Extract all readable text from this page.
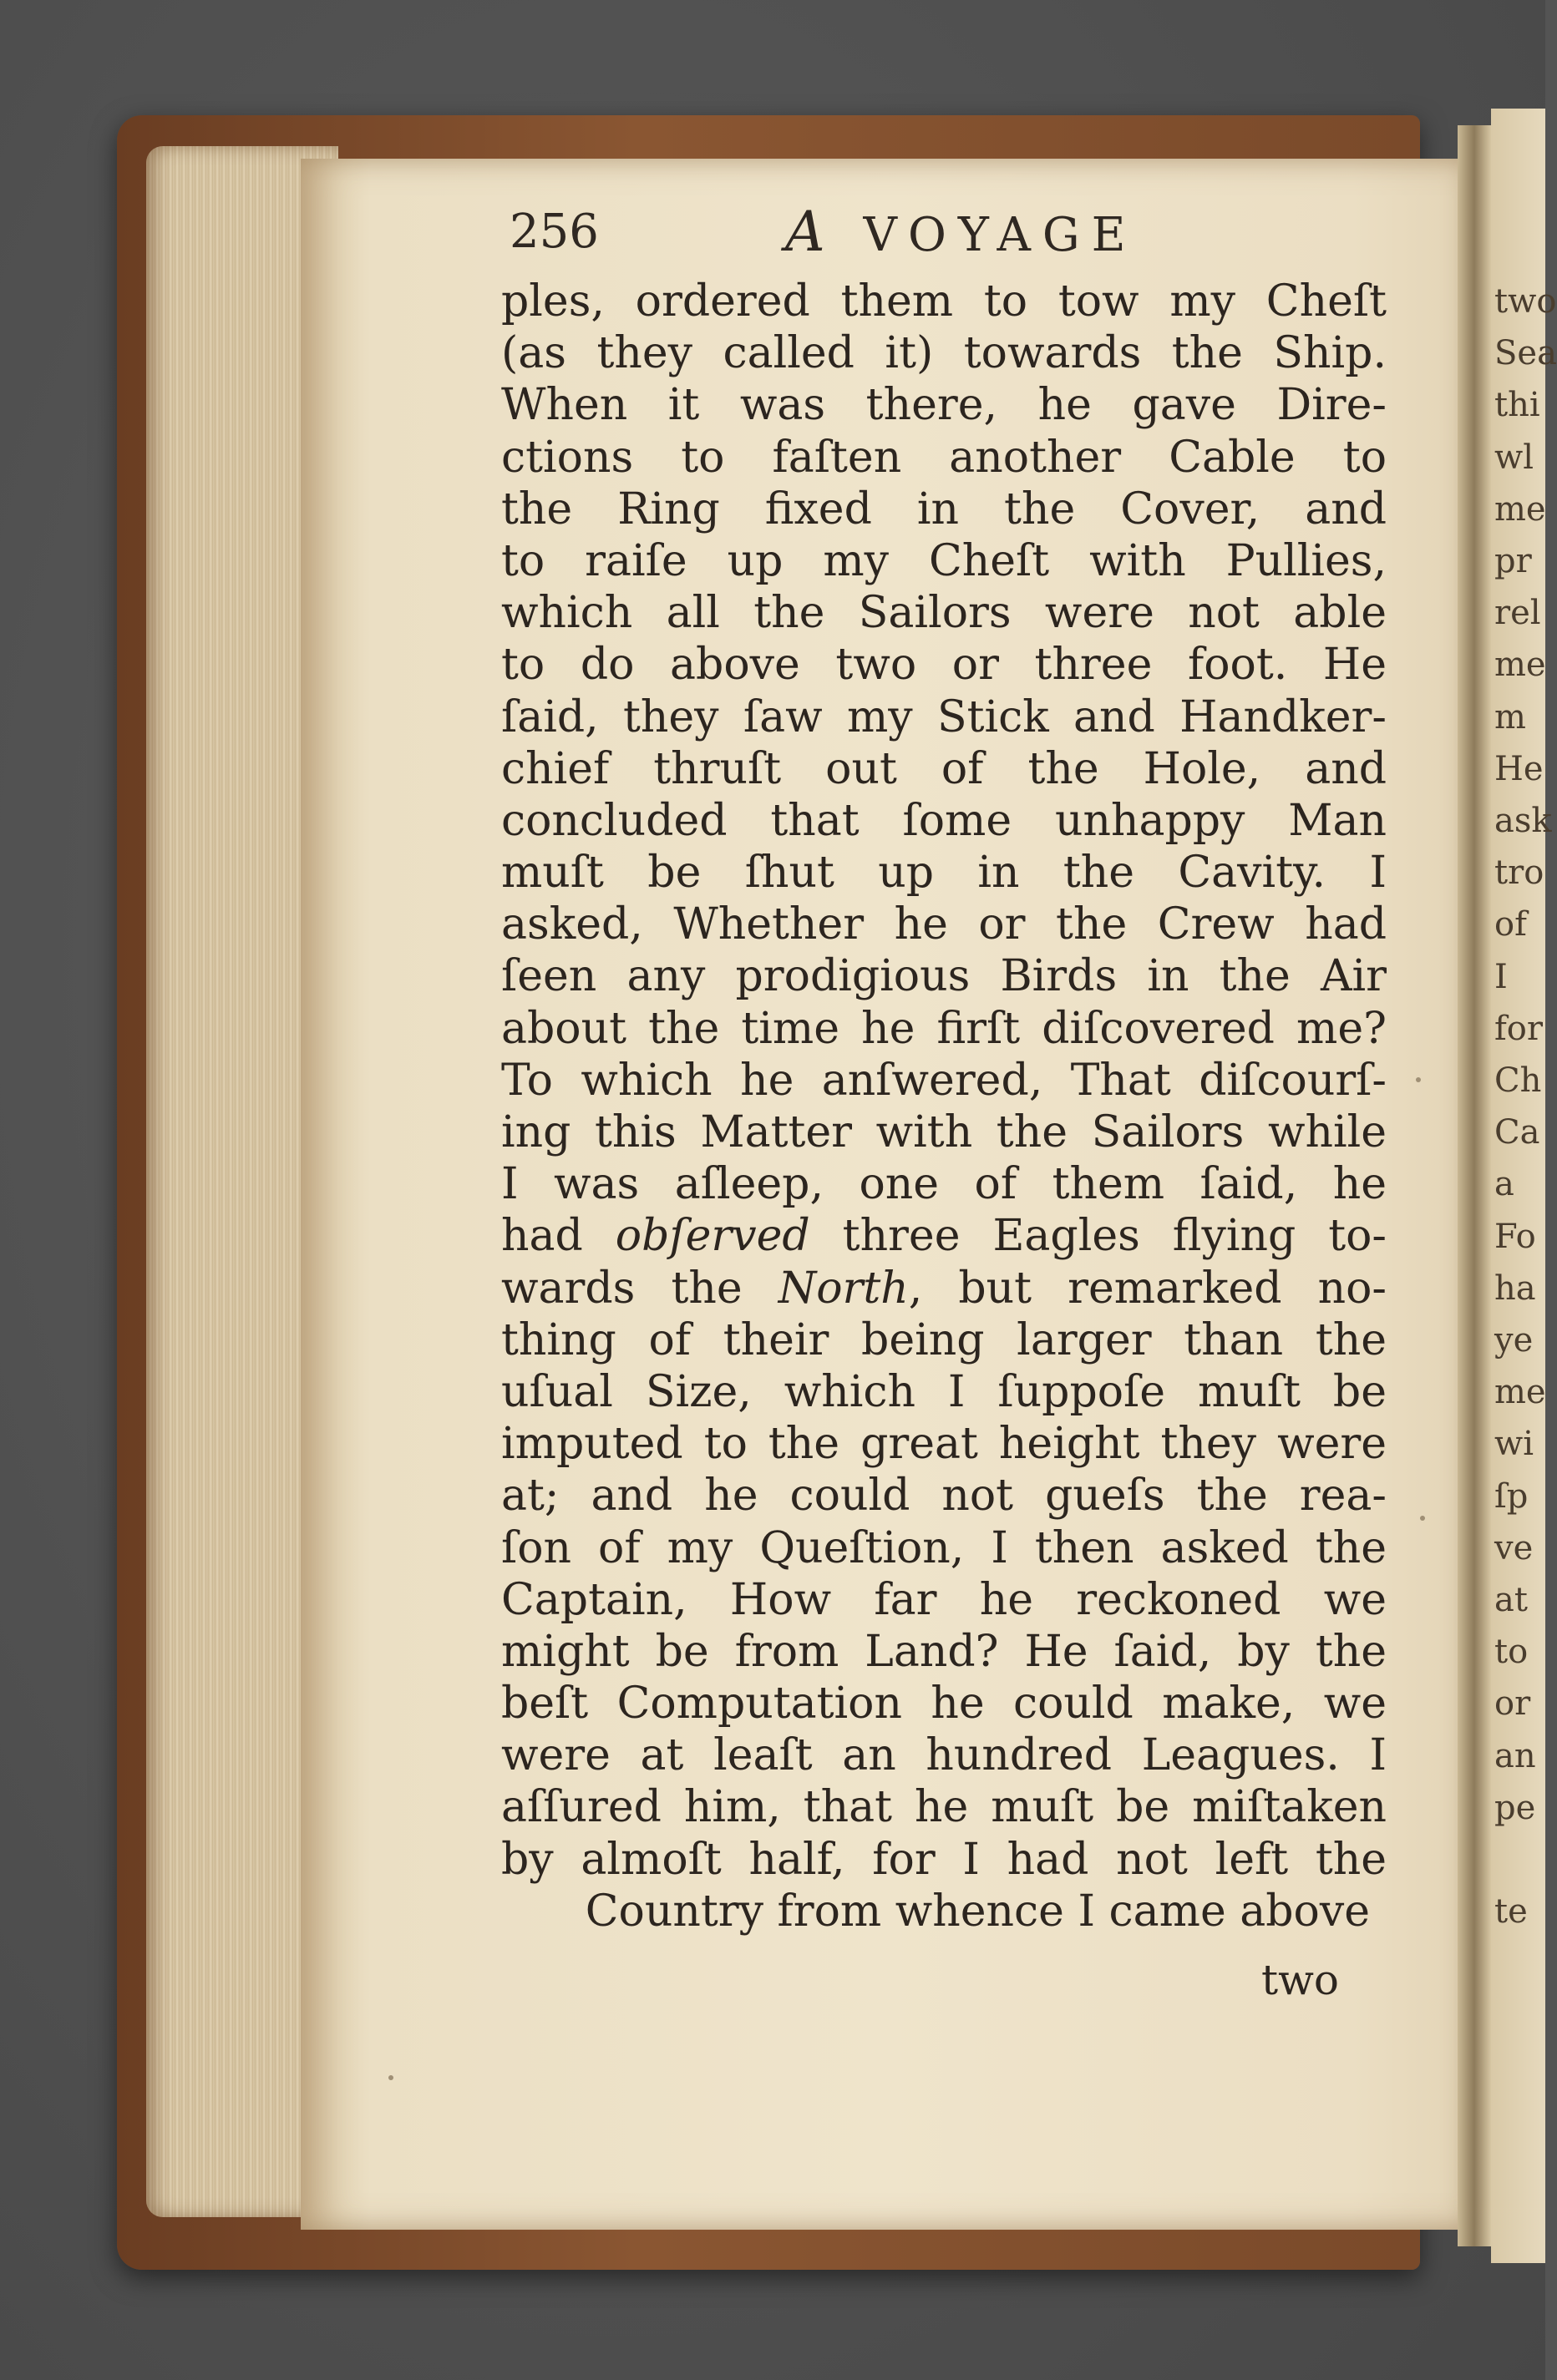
two
Sea
thi
wl
me
pr
rel
me
m
He
ask
tro
of
I
for
Ch
Ca
a
Fo
ha
ye
me
wi
ſp
ve
at
to
or
an
pe

te
256	A VOYAGE
ples, ordered them to tow my Cheſt
(as they called it) towards the Ship.
When it was there, he gave Dire-
ctions to faſten another Cable to
the Ring fixed in the Cover, and
to raiſe up my Cheſt with Pullies,
which all the Sailors were not able
to do above two or three foot. He
ſaid, they ſaw my Stick and Handker-
chief thruſt out of the Hole, and
concluded that ſome unhappy Man
muſt be ſhut up in the Cavity. I
asked, Whether he or the Crew had
ſeen any prodigious Birds in the Air
about the time he firſt diſcovered me?
To which he anſwered, That diſcourſ-
ing this Matter with the Sailors while
I was aſleep, one of them ſaid, he
had obſerved three Eagles flying to-
wards the North, but remarked no-
thing of their being larger than the
uſual Size, which I ſuppoſe muſt be
imputed to the great height they were
at; and he could not gueſs the rea-
ſon of my Queſtion, I then asked the
Captain, How far he reckoned we
might be from Land? He ſaid, by the
beſt Computation he could make, we
were at leaſt an hundred Leagues. I
aſſured him, that he muſt be miſtaken
by almoſt half, for I had not left the
Country from whence I came above
two
